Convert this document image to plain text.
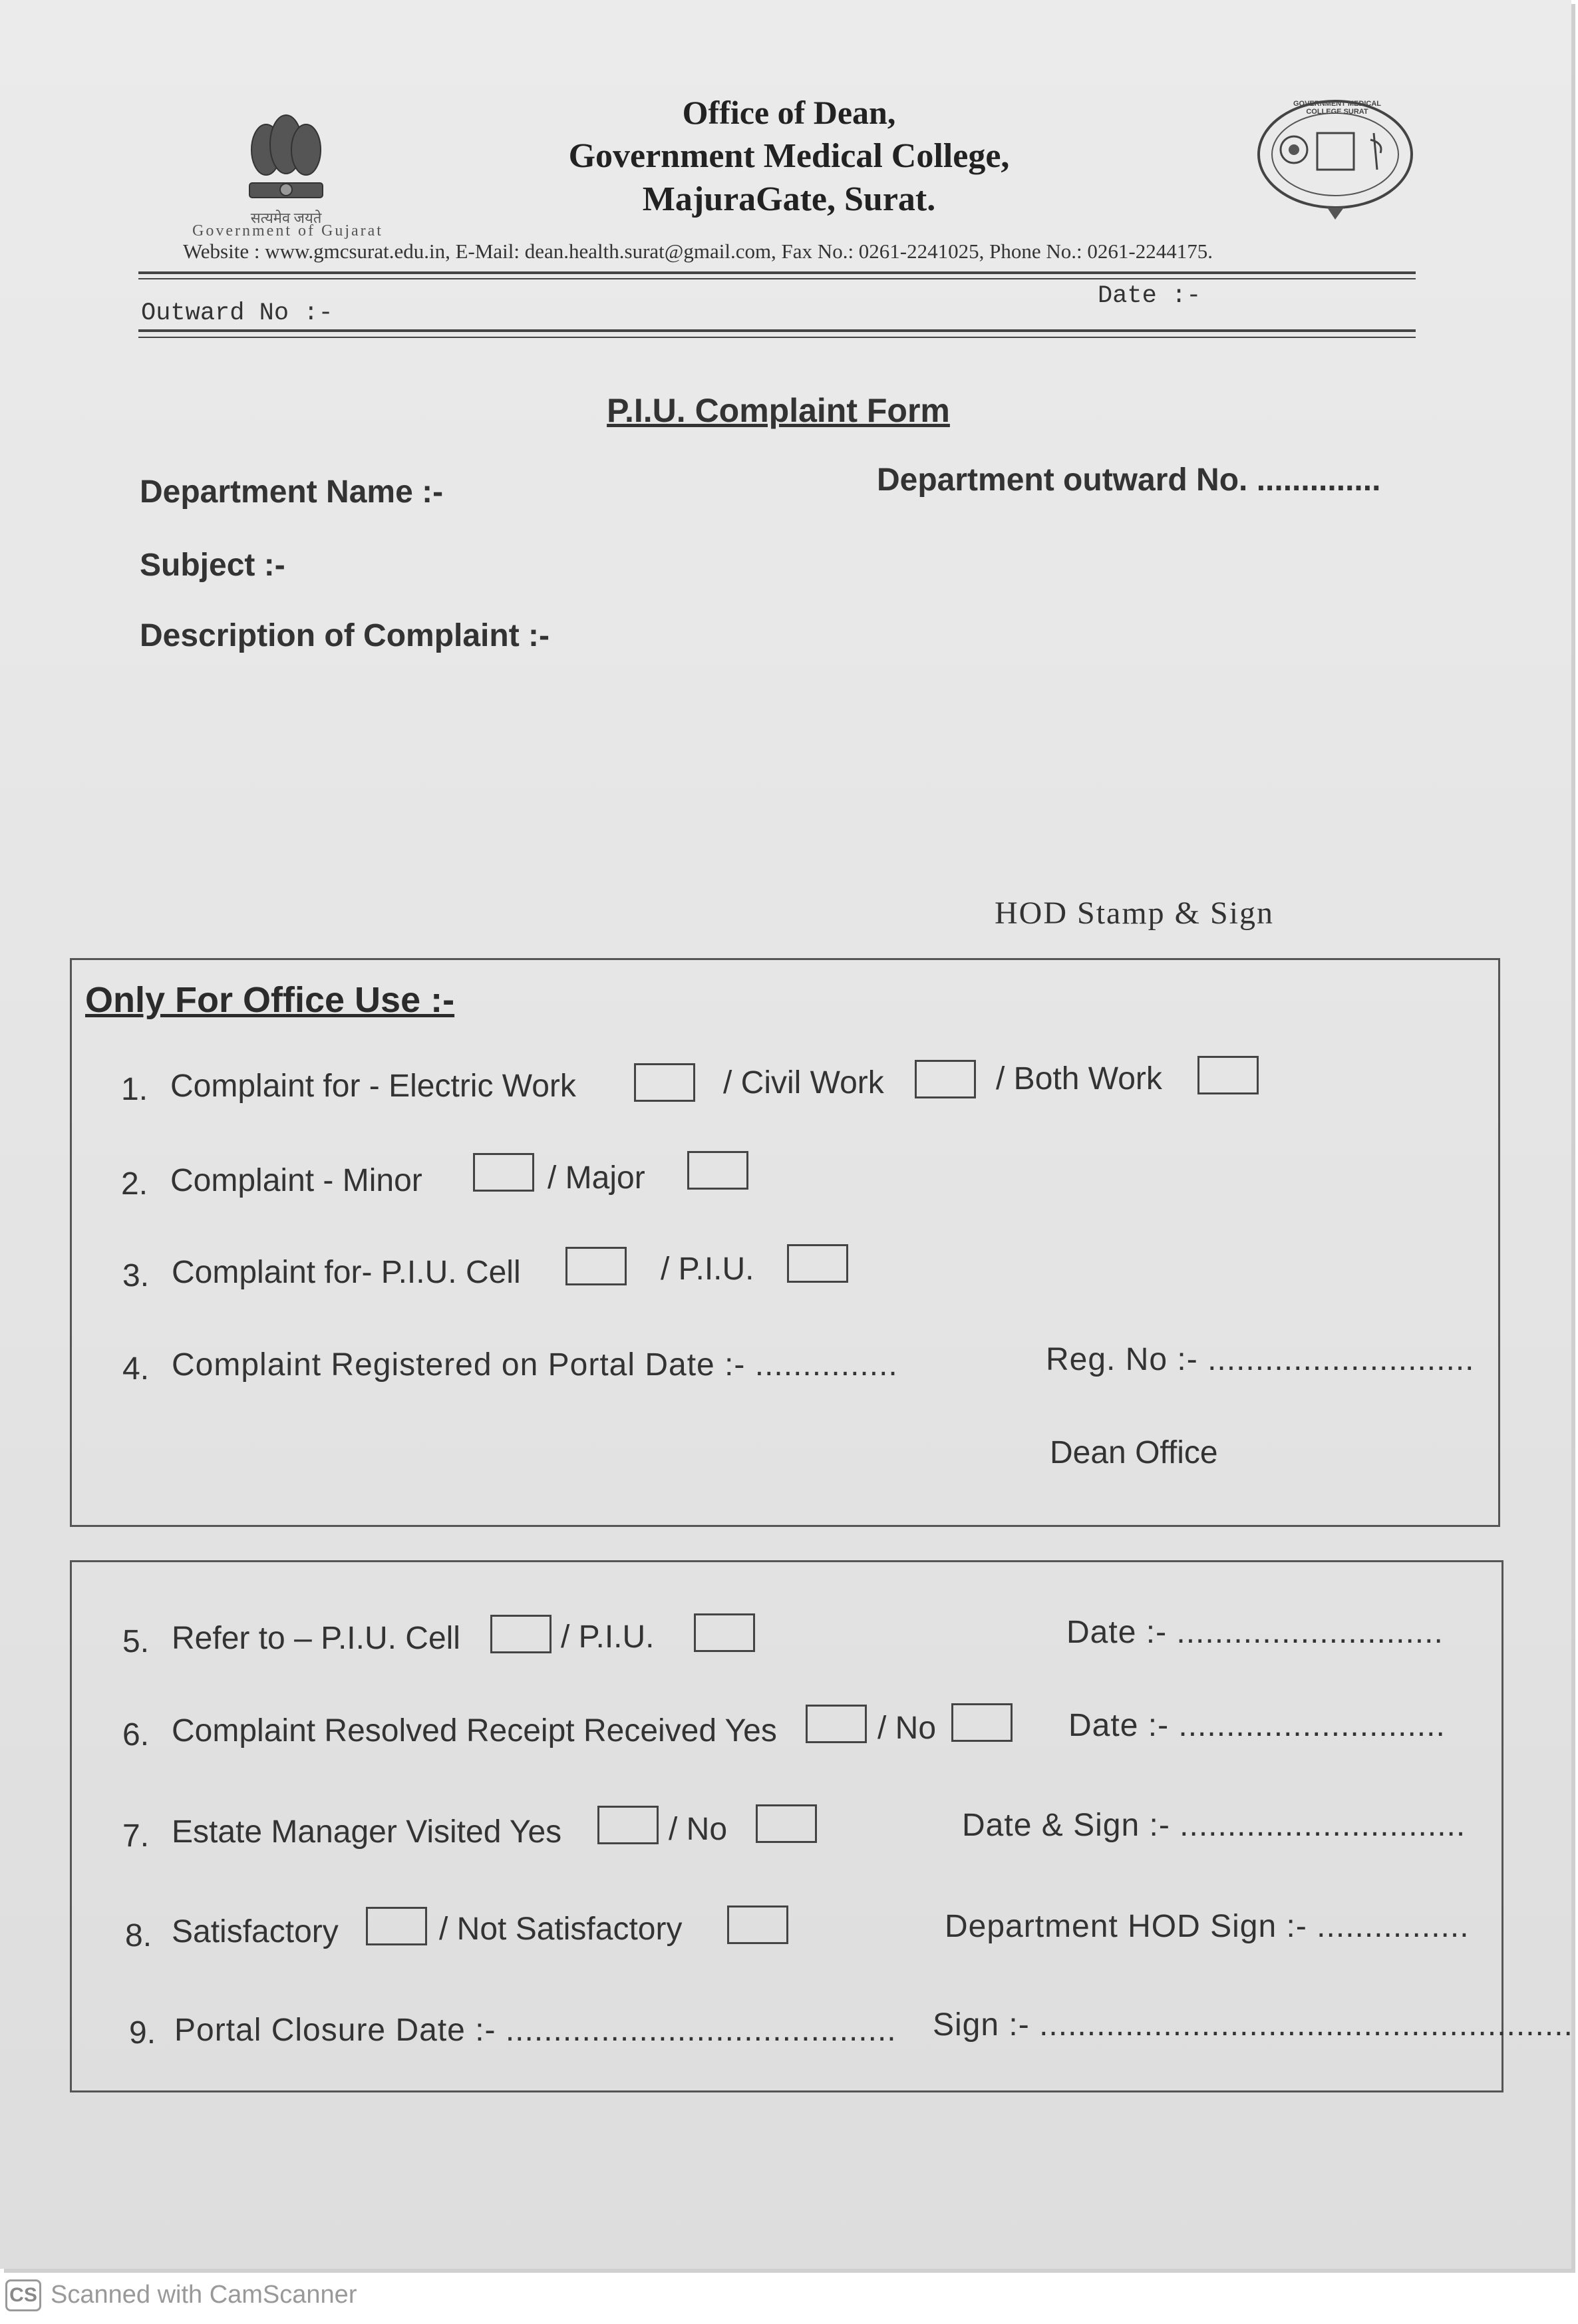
सत्यमेव जयते
Government of Gujarat
Office of Dean,
Government Medical College,
MajuraGate, Surat.
GOVERNMENT MEDICAL COLLEGE SURAT
Website : www.gmcsurat.edu.in, E-Mail: dean.health.surat@gmail.com, Fax No.: 0261-2241025, Phone No.: 0261-2244175.
Outward No :-
Date :-
P.I.U. Complaint Form
Department Name :-	Department outward No. ..............
Subject :-
Description of Complaint :-
HOD Stamp & Sign
Only For Office Use :-
1. Complaint for - Electric Work	/ Civil Work	/ Both Work
2. Complaint - Minor	/ Major
3. Complaint for- P.I.U. Cell	/ P.I.U.
4. Complaint Registered on Portal Date :- ...............	Reg. No :- ............................
Dean Office
5. Refer to – P.I.U. Cell	/ P.I.U.	Date :- ............................
6. Complaint Resolved Receipt Received Yes	/ No	Date :- ............................
7. Estate Manager Visited Yes	/ No	Date & Sign :- ..............................
8. Satisfactory	/ Not Satisfactory	Department HOD Sign :- ................
9. Portal Closure Date :- ......................................... Sign :- ........................................................
CS Scanned with CamScanner
